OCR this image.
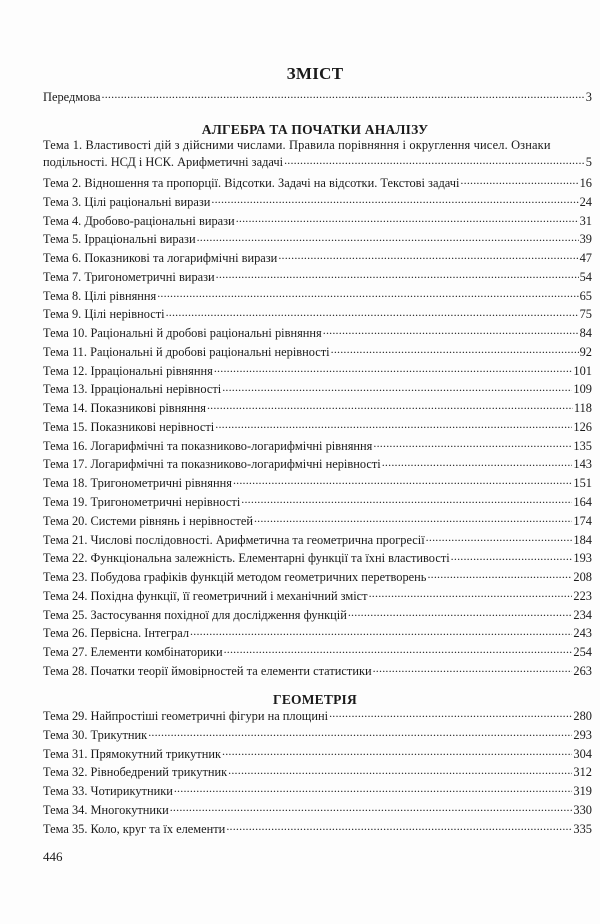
ЗМІСТ
Передмова .....	3
АЛГЕБРА ТА ПОЧАТКИ АНАЛІЗУ
Тема 1. Властивості дій з дійсними числами. Правила порівняння і округлення чисел. Ознаки
подільності. НСД і НСК. Арифметичні задачі .....	5
Тема 2. Відношення та пропорції. Відсотки. Задачі на відсотки. Текстові задачі .....	16
Тема 3. Цілі раціональні вирази .....	24
Тема 4. Дробово-раціональні вирази .....	31
Тема 5. Ірраціональні вирази .....	39
Тема 6. Показникові та логарифмічні вирази .....	47
Тема 7. Тригонометричні вирази .....	54
Тема 8. Цілі рівняння .....	65
Тема 9. Цілі нерівності .....	75
Тема 10. Раціональні й дробові раціональні рівняння .....	84
Тема 11. Раціональні й дробові раціональні нерівності .....	92
Тема 12. Ірраціональні рівняння .....	101
Тема 13. Ірраціональні нерівності .....	109
Тема 14. Показникові рівняння .....	118
Тема 15. Показникові нерівності .....	126
Тема 16. Логарифмічні та показниково-логарифмічні рівняння .....	135
Тема 17. Логарифмічні та показниково-логарифмічні нерівності .....	143
Тема 18. Тригонометричні рівняння .....	151
Тема 19. Тригонометричні нерівності .....	164
Тема 20. Системи рівнянь і нерівностей .....	174
Тема 21. Числові послідовності. Арифметична та геометрична прогресії .....	184
Тема 22. Функціональна залежність. Елементарні функції та їхні властивості .....	193
Тема 23. Побудова графіків функцій методом геометричних перетворень .....	208
Тема 24. Похідна функції, її геометричний і механічний зміст .....	223
Тема 25. Застосування похідної для дослідження функцій .....	234
Тема 26. Первісна. Інтеграл .....	243
Тема 27. Елементи комбінаторики .....	254
Тема 28. Початки теорії ймовірностей та елементи статистики .....	263
ГЕОМЕТРІЯ
Тема 29. Найпростіші геометричні фігури на площині .....	280
Тема 30. Трикутник .....	293
Тема 31. Прямокутний трикутник .....	304
Тема 32. Рівнобедрений трикутник .....	312
Тема 33. Чотирикутники .....	319
Тема 34. Многокутники .....	330
Тема 35. Коло, круг та їх елементи .....	335
446
